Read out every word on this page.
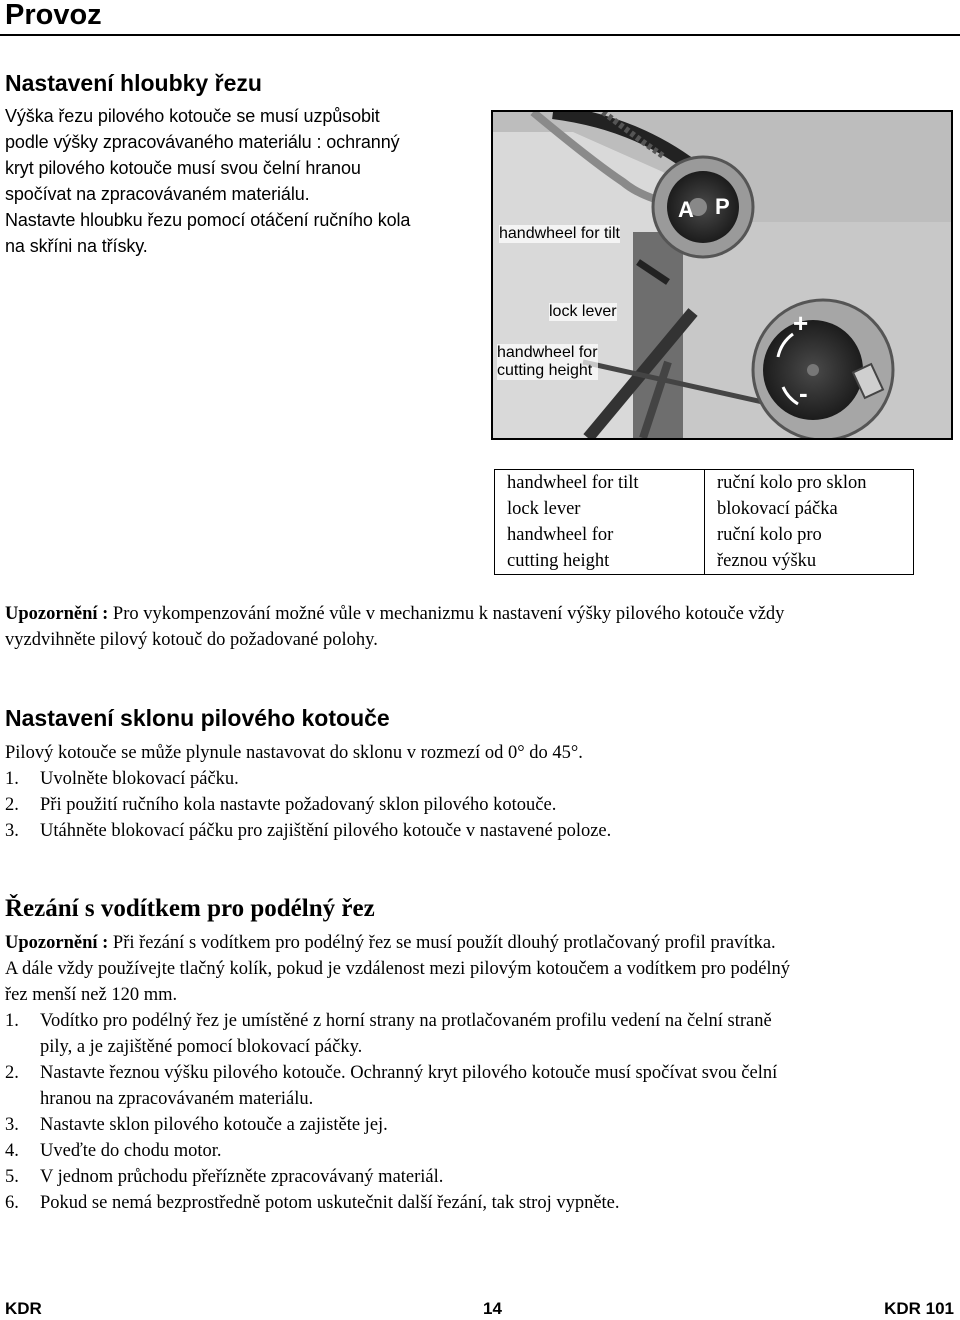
Provoz
Nastavení hloubky řezu
Výška řezu pilového kotouče se musí uzpůsobit
podle výšky zpracovávaného materiálu : ochranný
kryt pilového kotouče musí svou čelní hranou
spočívat na zpracovávaném materiálu.
Nastavte hloubku řezu pomocí otáčení ručního kola
na skříni na třísky.
A P
+
-
handwheel for tilt
lock lever
handwheel for
cutting height
handwheel for tilt	ruční kolo pro sklon
lock lever	blokovací páčka
handwheel for	ruční kolo pro
cutting height	řeznou výšku
Upozornění : Pro vykompenzování možné vůle v mechanizmu k nastavení výšky pilového kotouče vždy
vyzdvihněte pilový kotouč do požadované polohy.
Nastavení sklonu pilového kotouče
Pilový kotouče se může plynule nastavovat do sklonu v rozmezí od 0° do 45°.
1. Uvolněte blokovací páčku.
2. Při použití ručního kola nastavte požadovaný sklon pilového kotouče.
3. Utáhněte blokovací páčku pro zajištění pilového kotouče v nastavené poloze.
Řezání s vodítkem pro podélný řez
Upozornění : Při řezání s vodítkem pro podélný řez se musí použít dlouhý protlačovaný profil pravítka.
A dále vždy používejte tlačný kolík, pokud je vzdálenost mezi pilovým kotoučem a vodítkem pro podélný
řez menší než 120 mm.
1. Vodítko pro podélný řez je umístěné z horní strany na protlačovaném profilu vedení na čelní straně
pily, a je zajištěné pomocí blokovací páčky.
2. Nastavte řeznou výšku pilového kotouče. Ochranný kryt pilového kotouče musí spočívat svou čelní
hranou na zpracovávaném materiálu.
3. Nastavte sklon pilového kotouče a zajistěte jej.
4. Uveďte do chodu motor.
5. V jednom průchodu přeřízněte zpracovávaný materiál.
6. Pokud se nemá bezprostředně potom uskutečnit další řezání, tak stroj vypněte.
KDR	14	KDR 101
